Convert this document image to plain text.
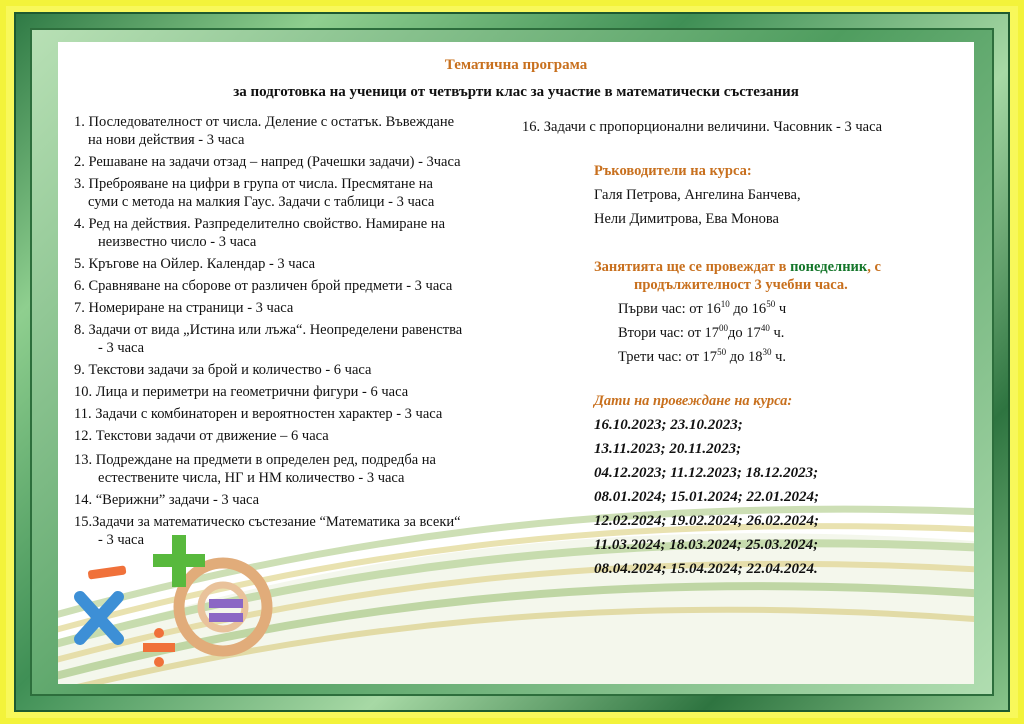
Тематична програма
за подготовка на ученици от четвърти клас за участие в математически състезания
1. Последователност от числа. Деление с остатък. Въвеждане
на нови действия - 3 часа
2. Решаване на задачи отзад – напред (Рачешки задачи) - 3часа
3. Преброяване на цифри в група от числа. Пресмятане на
суми с метода на малкия Гаус. Задачи с таблици - 3 часа
4. Ред на действия. Разпределително свойство. Намиране на
неизвестно число - 3 часа
5. Кръгове на Ойлер. Календар - 3 часа
6. Сравняване на сборове от различен брой предмети - 3 часа
7. Номериране на страници - 3 часа
8. Задачи от вида „Истина или лъжа“. Неопределени равенства
- 3 часа
9. Текстови задачи за брой и количество - 6 часа
10. Лица и периметри на геометрични фигури - 6 часа
11. Задачи с комбинаторен и вероятностен характер - 3 часа
12. Текстови задачи от движение – 6 часа
13. Подреждане на предмети в определен ред, подредба на
естествените числа, НГ и НМ количество - 3 часа
14. “Верижни” задачи - 3 часа
15.Задачи за математическо състезание “Математика за всеки“
- 3 часа
16. Задачи с пропорционални величини. Часовник - 3 часа
Ръководители на курса:
Галя Петрова, Ангелина Банчева,
Нели Димитрова, Ева Монова
Занятията ще се провеждат в понеделник, с
продължителност 3 учебни часа.
Първи час: от $16^{10}$ до $16^{50}$ ч
Втори час: от $17^{00}до$ $17^{40}$ ч.
Трети час: от $17^{50}$ до $18^{30}$ ч.
Дати на провеждане на курса:
16.10.2023; 23.10.2023;
13.11.2023; 20.11.2023;
04.12.2023; 11.12.2023; 18.12.2023;
08.01.2024; 15.01.2024; 22.01.2024;
12.02.2024; 19.02.2024; 26.02.2024;
11.03.2024; 18.03.2024; 25.03.2024;
08.04.2024; 15.04.2024; 22.04.2024.
